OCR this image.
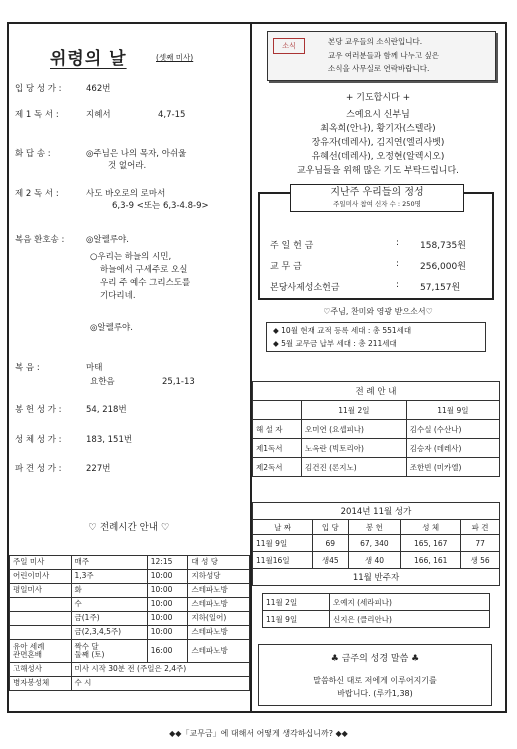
위령의 날	(셋째 미사)
입 당 성 가 :	462번
제 1 독 서 :	지혜서	4,7-15
화 답 송 :	◎주님은 나의 목자, 아쉬울
것 없어라.
제 2 독 서 :	사도 바오로의 로마서
6,3-9 <또는 6,3-4.8-9>
복음 환호송 :	◎알렐루야.
○우리는 하늘의 시민,
하늘에서 구세주로 오실
우리 주 예수 그리스도를
기다리네.
◎알렐루야.
복 음 :	마태
요한음	25,1-13
봉 헌 성 가 :	54, 218번
성 체 성 가 :	183, 151번
파 견 성 가 :	227번
♡ 전례시간 안내 ♡
주일 미사	매주	12:15	대 성 당
어린이미사	1,3주	10:00	지하성당
평일미사	화	10:00	스테파노방
	수	10:00	스테파노방
	금(1주)	10:00	지하(일어)
	금(2,3,4,5주)	10:00	스테파노방
유아 세례
관면혼배	짝수 달
둘째 (토)	16:00	스테파노방
고해성사	미사 시작 30분 전 (주일은 2,4주)		
병자봉성체	수 시		
소식	본당 교우들의 소식란입니다.
교우 여러분들과 함께 나누고 싶은
소식을 사무실로 연락바랍니다.
+ 기도합시다 +
스예요시 신부님
최옥희(안나), 황기자(스텔라)
장유자(데레사), 김지연(엘리사벳)
유혜선(데레사), 오정현(알렉시오)
교우님들을 위해 많은 기도 부탁드립니다.
지난주 우리들의 정성
주일미사 참여 신자 수 : 250명
주 일 헌 금	: 158,735원
교 무 금	: 256,000원
본당사제성소헌금	: 57,157원
♡주님, 찬미와 영광 받으소서♡
◆ 10월 현재 교적 등록 세대 : 총 551세대
◆ 5월 교무금 납부 세대 : 총 211세대
전 례 안 내		
	11월 2일	11월 9일
해 설 자	오미연 (요셉피나)	김수실 (수산나)
제1독서	노옥란 (빅토리아)	김승자 (데레사)
제2독서	김건진 (론지노)	조한빈 (미카엘)
2014년 11월 성가				
날 짜	입 당	봉 헌	성 체	파 견
11월 9일	69	67, 340	165, 167	77
11월16일	생45	생 40	166, 161	생 56
11월 반주자				
11월 2일	오예지 (세라피나)
11월 9일	신지은 (클리안나)
♣ 금주의 성경 말씀 ♣
말씀하신 대로 저에게 이루어지기를
바랍니다. (루카1,38)
◆◆「교무금」에 대해서 어떻게 생각하십니까? ◆◆
